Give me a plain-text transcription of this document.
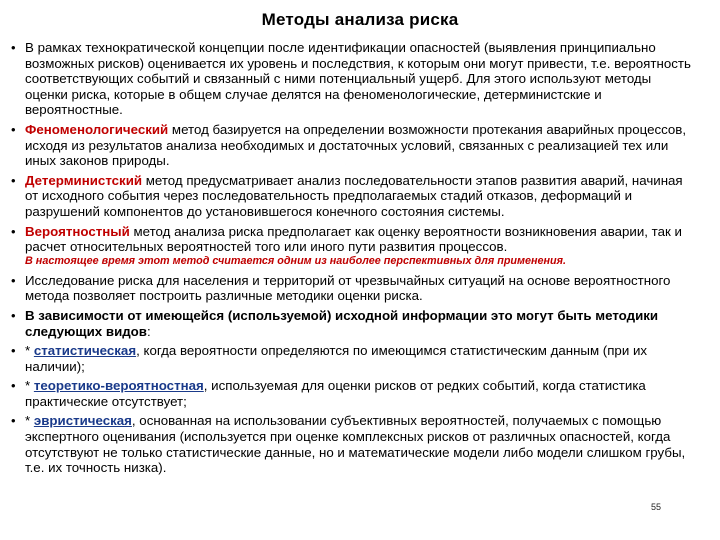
Методы анализа риска
• В рамках технократической концепции после идентификации опасностей (выявления принципиально возможных рисков) оценивается их уровень и последствия, к которым они могут привести, т.е. вероятность соответствующих событий и связанный с ними потенциальный ущерб. Для этого используют методы оценки риска, которые в общем случае делятся на феноменологические, детерминистские и вероятностные.
• Феноменологический метод базируется на определении возможности протекания аварийных процессов, исходя из результатов анализа необходимых и достаточных условий, связанных с реализацией тех или иных законов природы.
• Детерминистский метод предусматривает анализ последовательности этапов развития аварий, начиная от исходного события через последовательность предполагаемых стадий отказов, деформаций и разрушений компонентов до установившегося конечного состояния системы.
• Вероятностный метод анализа риска предполагает как оценку вероятности возникновения аварии, так и расчет относительных вероятностей того или иного пути развития процессов.
В настоящее время этот метод считается одним из наиболее перспективных для применения.
• Исследование риска для населения и территорий от чрезвычайных ситуаций на основе вероятностного метода позволяет построить различные методики оценки риска.
• В зависимости от имеющейся (используемой) исходной информации это могут быть методики следующих видов:
• * статистическая, когда вероятности определяются по имеющимся статистическим данным (при их наличии);
• * теоретико-вероятностная, используемая для оценки рисков от редких событий, когда статистика практические отсутствует;
• * эвристическая, основанная на использовании субъективных вероятностей, получаемых с помощью экспертного оценивания (используется при оценке комплексных рисков от различных опасностей, когда отсутствуют не только статистические данные, но и математические модели либо модели слишком грубы, т.е. их точность низка).
55
